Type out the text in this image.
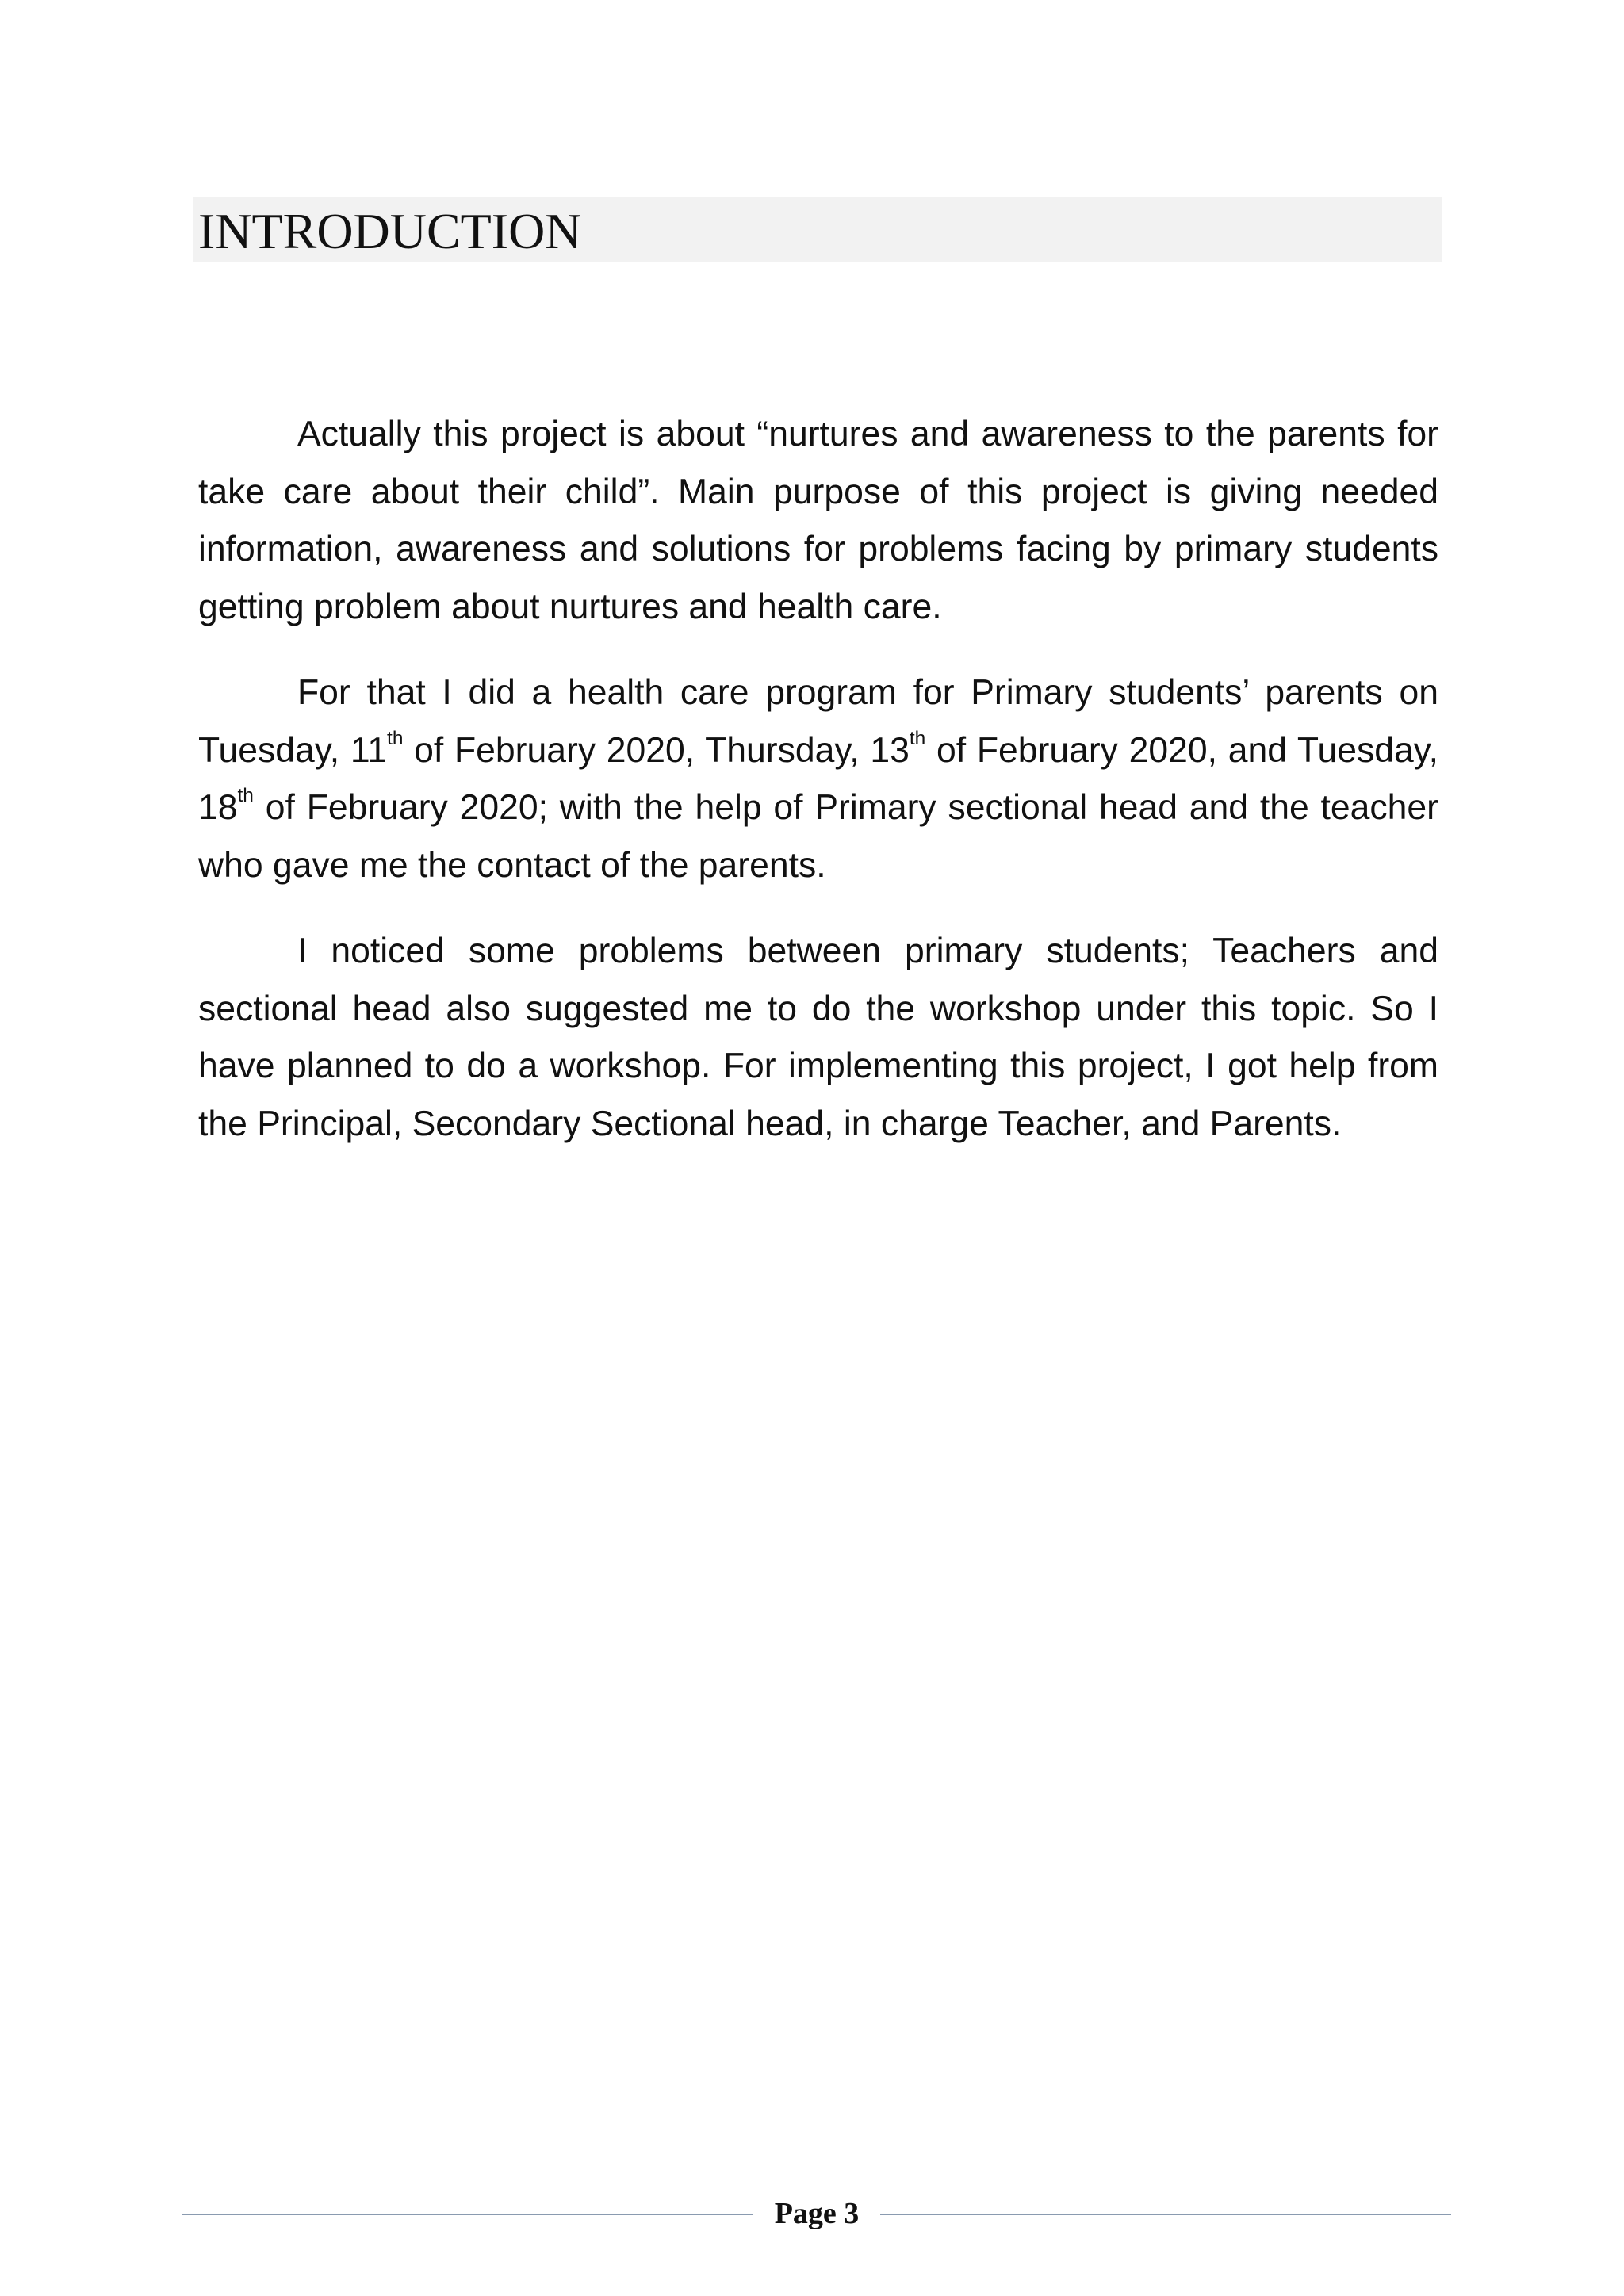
INTRODUCTION

Actually this project is about “nurtures and awareness to the parents for take care about their child”. Main purpose of this project is giving needed information, awareness and solutions for problems facing by primary students getting problem about nurtures and health care.

For that I did a health care program for Primary students’ parents on Tuesday, 11th of February 2020, Thursday, 13th of February 2020, and Tuesday, 18th of February 2020; with the help of Primary sectional head and the teacher who gave me the contact of the parents.

I noticed some problems between primary students; Teachers and sectional head also suggested me to do the workshop under this topic. So I have planned to do a workshop. For implementing this project, I got help from the Principal, Secondary Sectional head, in charge Teacher, and Parents.

Page 3
